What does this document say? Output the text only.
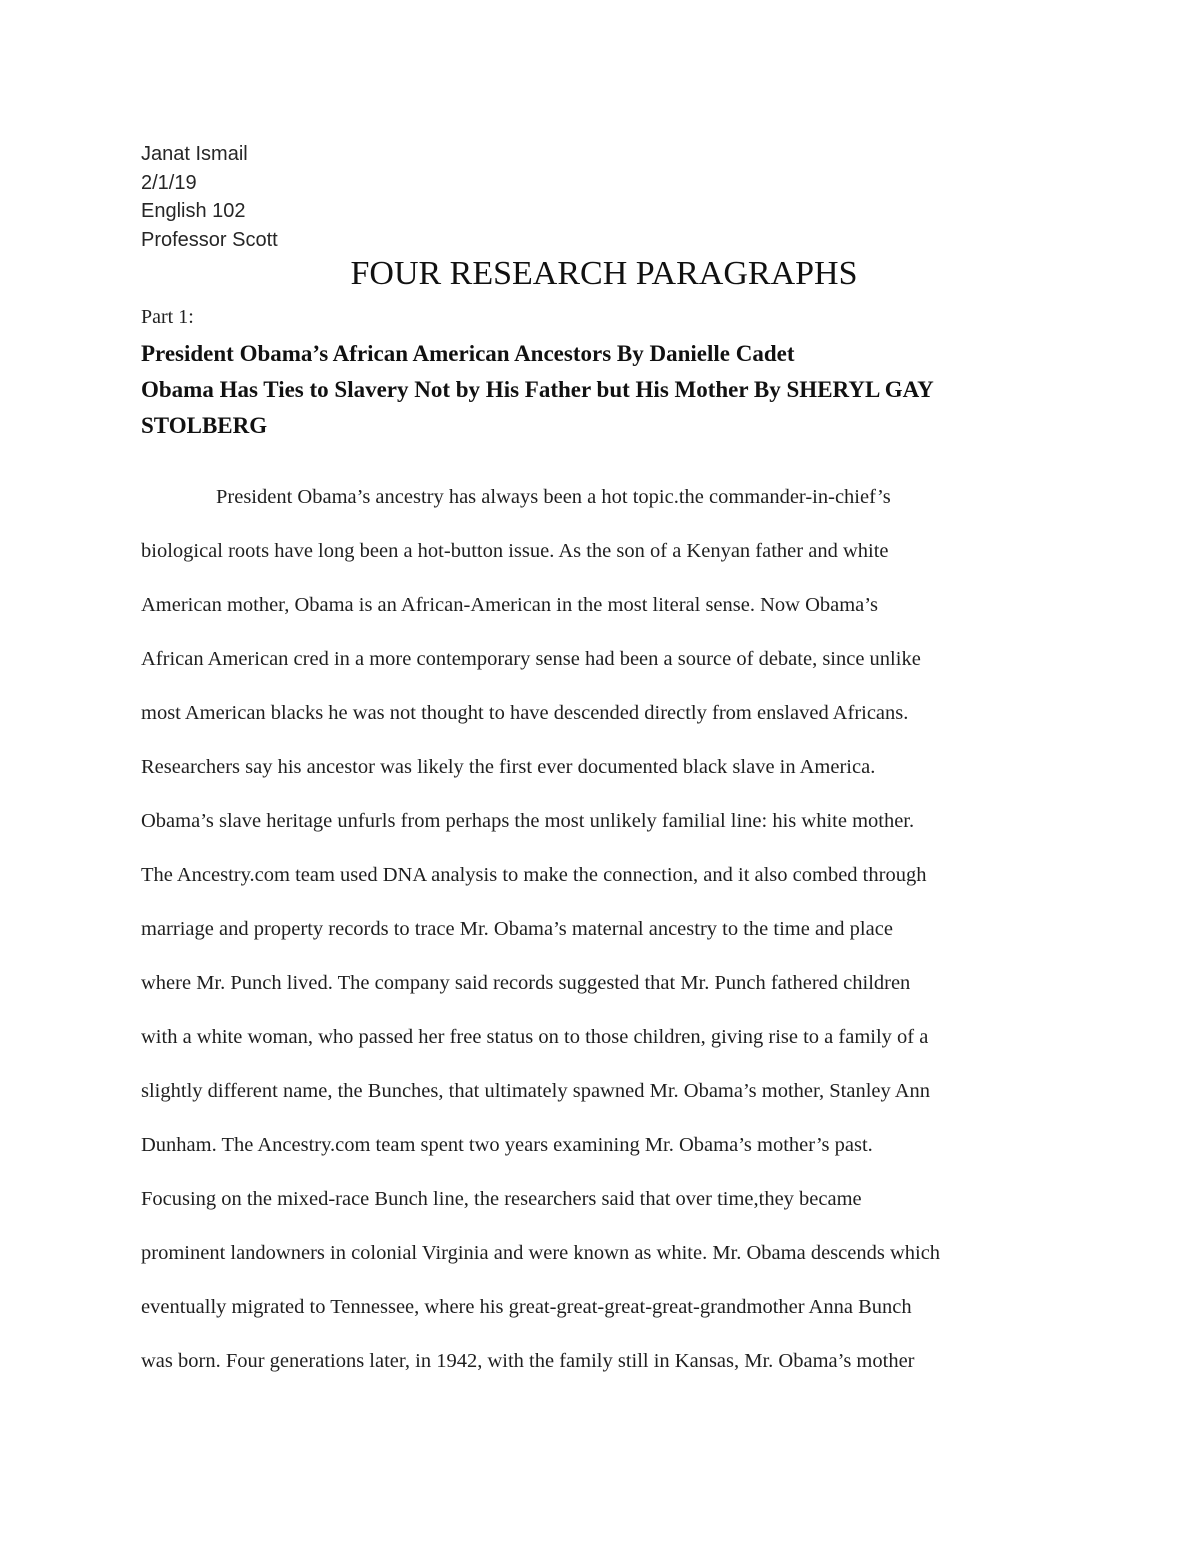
Janat Ismail
2/1/19
English 102
Professor Scott
FOUR RESEARCH PARAGRAPHS
Part 1:
President Obama’s African American Ancestors By Danielle Cadet
Obama Has Ties to Slavery Not by His Father but His Mother By SHERYL GAY
STOLBERG
President Obama’s ancestry has always been a hot topic.the commander-in-chief’s
biological roots have long been a hot-button issue. As the son of a Kenyan father and white
American mother, Obama is an African-American in the most literal sense. Now Obama’s
African American cred in a more contemporary sense had been a source of debate, since unlike
most American blacks he was not thought to have descended directly from enslaved Africans.
Researchers say his ancestor was likely the first ever documented black slave in America.
Obama’s slave heritage unfurls from perhaps the most unlikely familial line: his white mother.
The Ancestry.com team used DNA analysis to make the connection, and it also combed through
marriage and property records to trace Mr. Obama’s maternal ancestry to the time and place
where Mr. Punch lived. The company said records suggested that Mr. Punch fathered children
with a white woman, who passed her free status on to those children, giving rise to a family of a
slightly different name, the Bunches, that ultimately spawned Mr. Obama’s mother, Stanley Ann
Dunham. The Ancestry.com team spent two years examining Mr. Obama’s mother’s past.
Focusing on the mixed-race Bunch line, the researchers said that over time,they became
prominent landowners in colonial Virginia and were known as white. Mr. Obama descends which
eventually migrated to Tennessee, where his great-great-great-great-grandmother Anna Bunch
was born. Four generations later, in 1942, with the family still in Kansas, Mr. Obama’s mother
